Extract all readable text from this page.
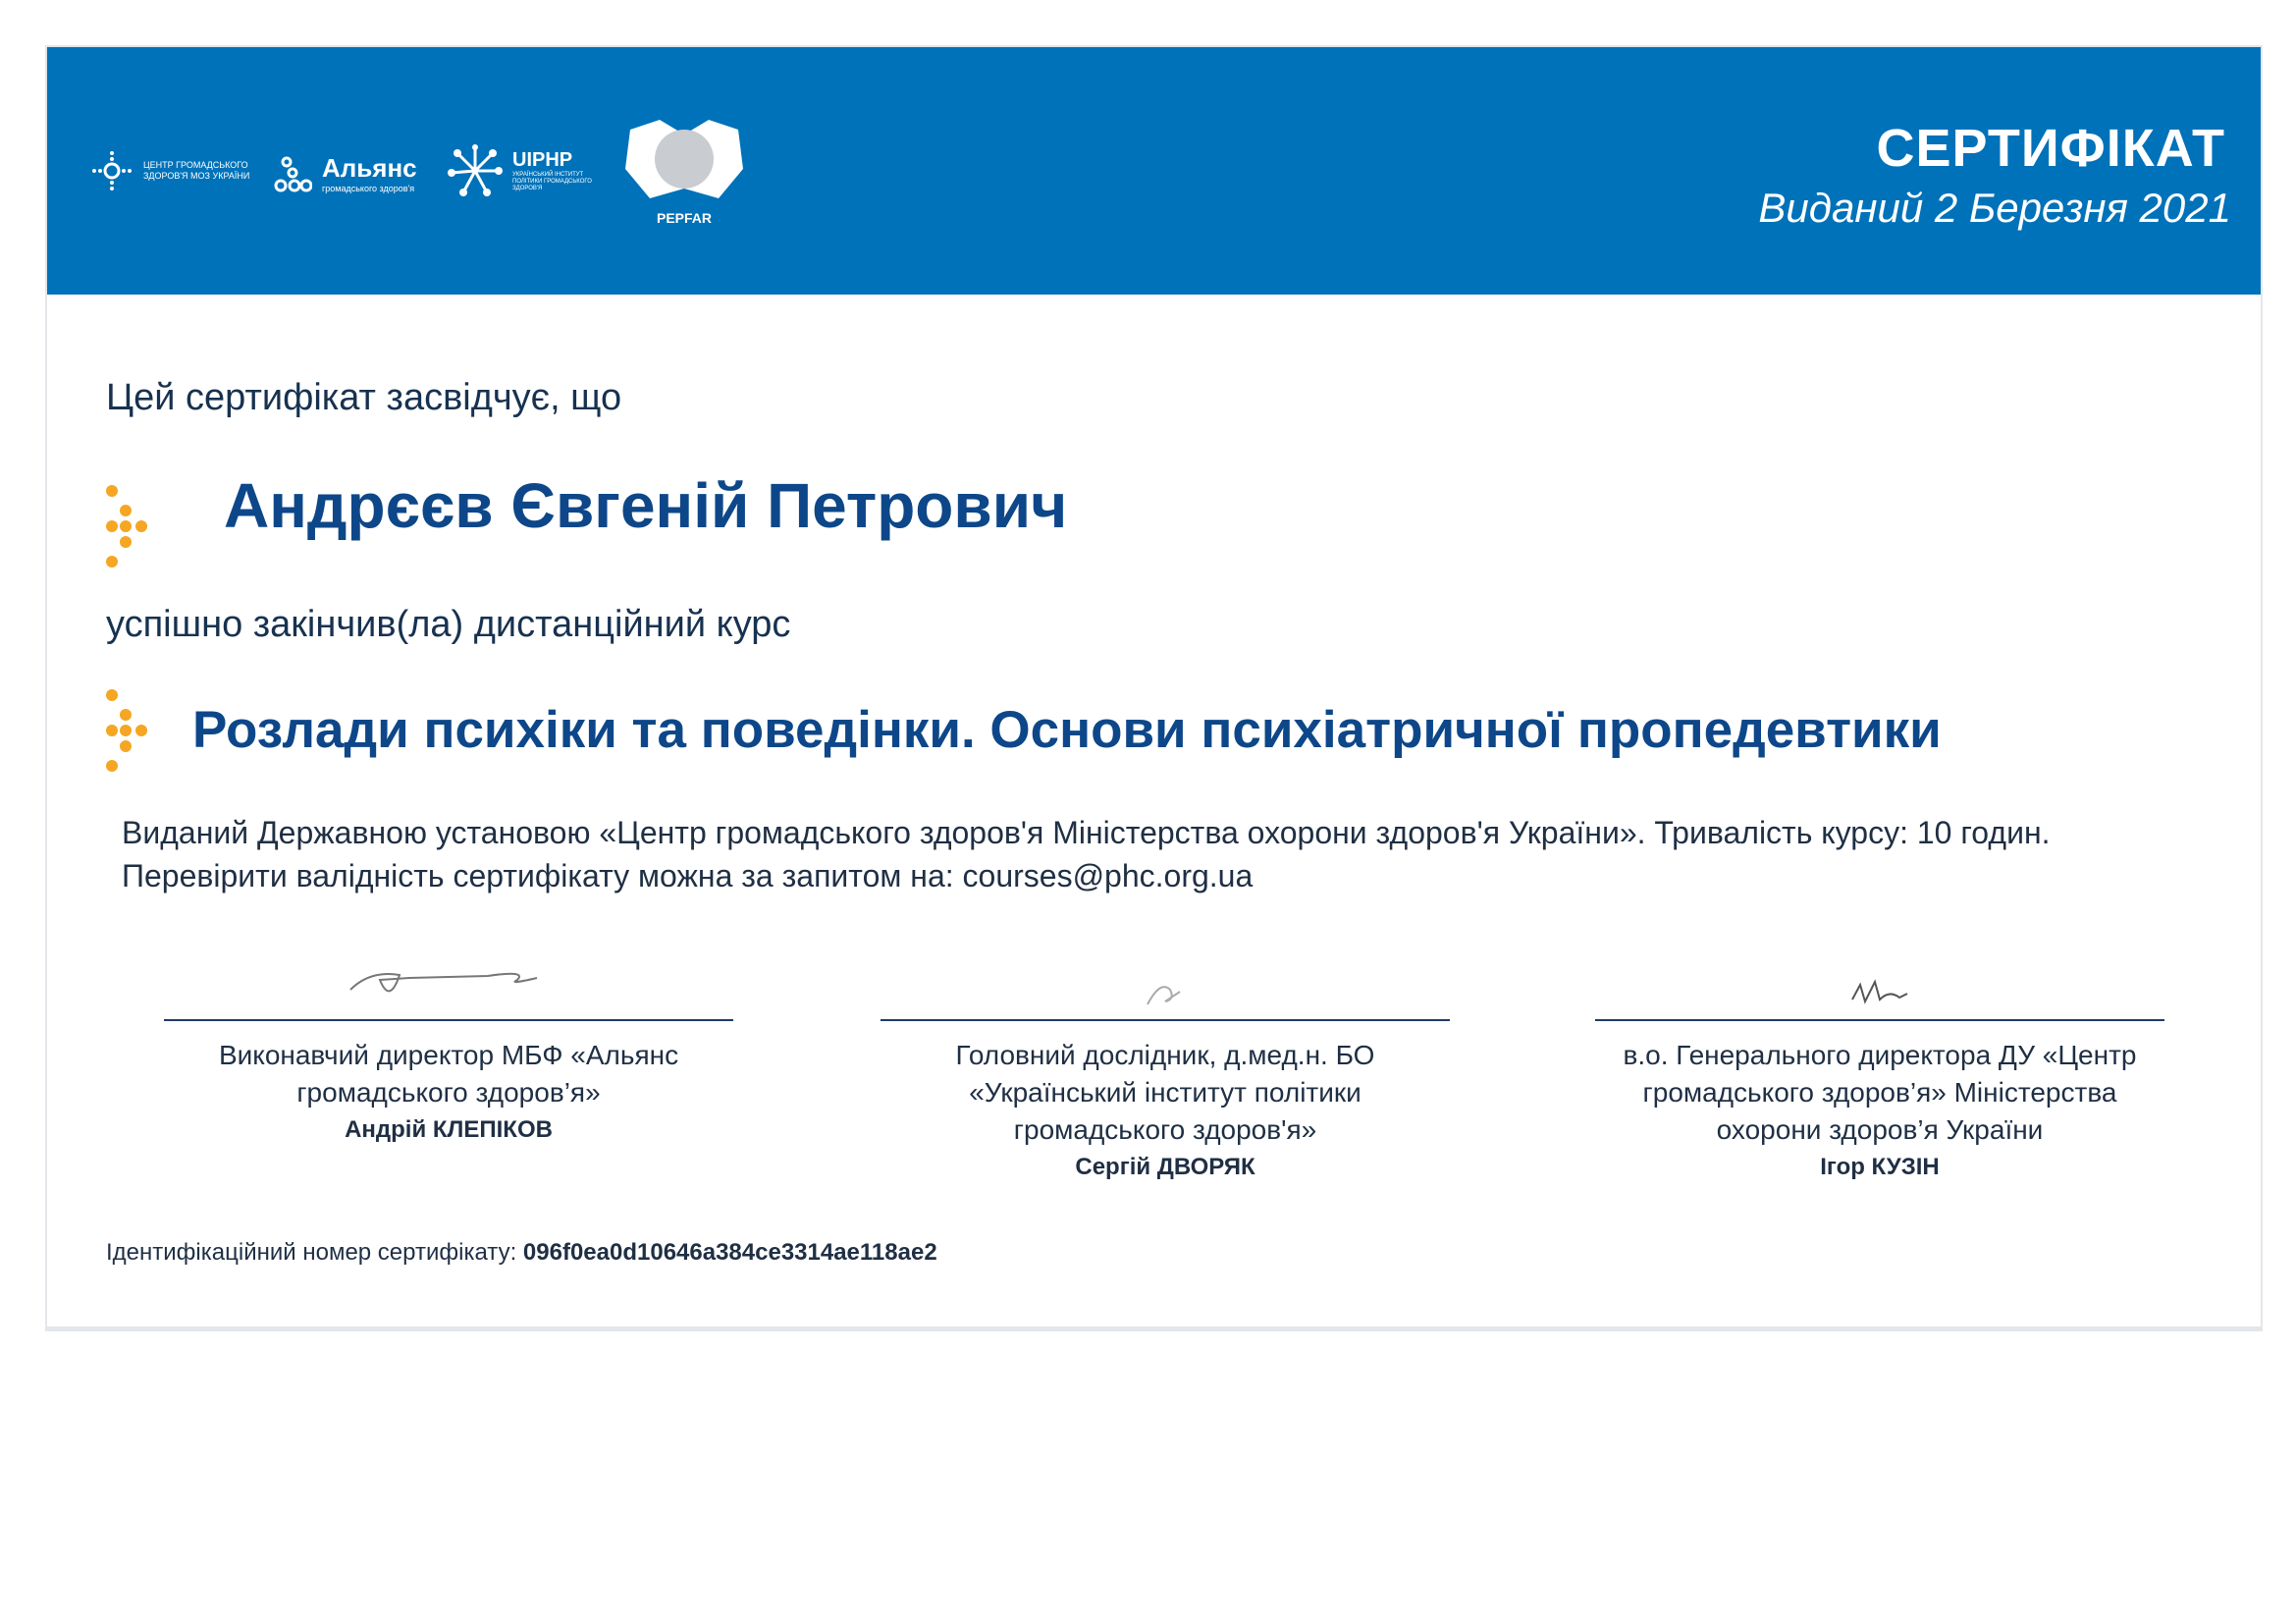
ЦЕНТР ГРОМАДСЬКОГО
ЗДОРОВ'Я МОЗ УКРАЇНИ	Альянс
громадського здоров'я
UIPHP
УКРАЇНСЬКИЙ ІНСТИТУТ ПОЛІТИКИ ГРОМАДСЬКОГО ЗДОРОВ'Я
PEPFAR
СЕРТИФІКАТ
Виданий 2 Березня 2021
Цей сертифікат засвідчує, що
Андрєєв Євгеній Петрович
успішно закінчив(ла) дистанційний курс
Розлади психіки та поведінки. Основи психіатричної пропедевтики
Виданий Державною установою «Центр громадського здоров'я Міністерства охорони здоров'я України». Тривалість курсу: 10 годин. Перевірити валідність сертифікату можна за запитом на: courses@phc.org.ua
Виконавчий директор МБФ «Альянс громадського здоров’я»
Андрій КЛЕПІКОВ
Головний дослідник, д.мед.н. БО «Український інститут політики громадського здоров'я»
Сергій ДВОРЯК
в.о. Генерального директора ДУ «Центр громадського здоров’я» Міністерства охорони здоров’я України
Ігор КУЗІН
Ідентифікаційний номер сертифікату: 096f0ea0d10646a384ce3314ae118ae2
